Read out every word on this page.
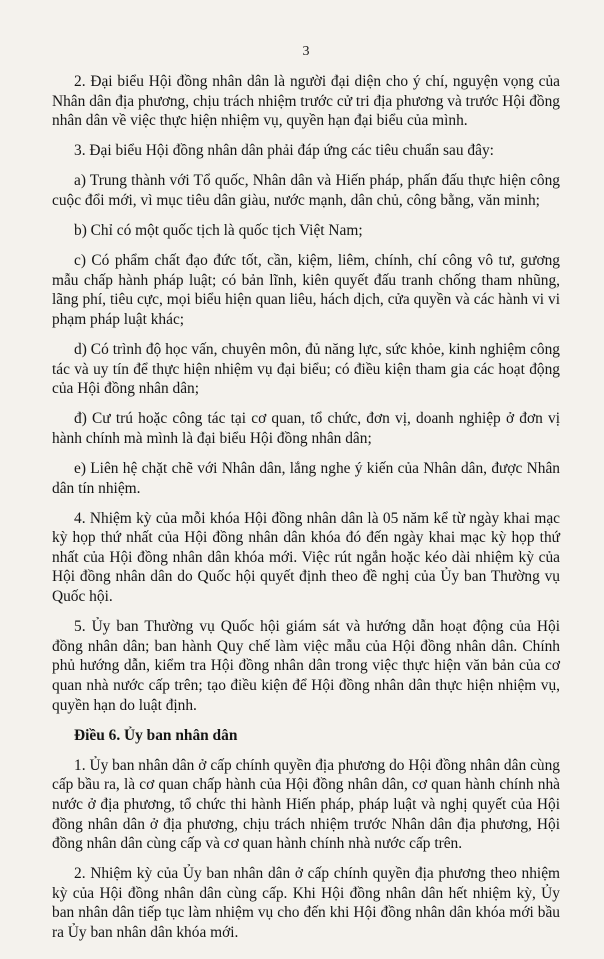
3

2. Đại biểu Hội đồng nhân dân là người đại diện cho ý chí, nguyện vọng của Nhân dân địa phương, chịu trách nhiệm trước cử tri địa phương và trước Hội đồng nhân dân về việc thực hiện nhiệm vụ, quyền hạn đại biểu của mình.

3. Đại biểu Hội đồng nhân dân phải đáp ứng các tiêu chuẩn sau đây:

a) Trung thành với Tổ quốc, Nhân dân và Hiến pháp, phấn đấu thực hiện công cuộc đổi mới, vì mục tiêu dân giàu, nước mạnh, dân chủ, công bằng, văn minh;

b) Chỉ có một quốc tịch là quốc tịch Việt Nam;

c) Có phẩm chất đạo đức tốt, cần, kiệm, liêm, chính, chí công vô tư, gương mẫu chấp hành pháp luật; có bản lĩnh, kiên quyết đấu tranh chống tham nhũng, lãng phí, tiêu cực, mọi biểu hiện quan liêu, hách dịch, cửa quyền và các hành vi vi phạm pháp luật khác;

d) Có trình độ học vấn, chuyên môn, đủ năng lực, sức khỏe, kinh nghiệm công tác và uy tín để thực hiện nhiệm vụ đại biểu; có điều kiện tham gia các hoạt động của Hội đồng nhân dân;

đ) Cư trú hoặc công tác tại cơ quan, tổ chức, đơn vị, doanh nghiệp ở đơn vị hành chính mà mình là đại biểu Hội đồng nhân dân;

e) Liên hệ chặt chẽ với Nhân dân, lắng nghe ý kiến của Nhân dân, được Nhân dân tín nhiệm.

4. Nhiệm kỳ của mỗi khóa Hội đồng nhân dân là 05 năm kể từ ngày khai mạc kỳ họp thứ nhất của Hội đồng nhân dân khóa đó đến ngày khai mạc kỳ họp thứ nhất của Hội đồng nhân dân khóa mới. Việc rút ngắn hoặc kéo dài nhiệm kỳ của Hội đồng nhân dân do Quốc hội quyết định theo đề nghị của Ủy ban Thường vụ Quốc hội.

5. Ủy ban Thường vụ Quốc hội giám sát và hướng dẫn hoạt động của Hội đồng nhân dân; ban hành Quy chế làm việc mẫu của Hội đồng nhân dân. Chính phủ hướng dẫn, kiểm tra Hội đồng nhân dân trong việc thực hiện văn bản của cơ quan nhà nước cấp trên; tạo điều kiện để Hội đồng nhân dân thực hiện nhiệm vụ, quyền hạn do luật định.

Điều 6. Ủy ban nhân dân

1. Ủy ban nhân dân ở cấp chính quyền địa phương do Hội đồng nhân dân cùng cấp bầu ra, là cơ quan chấp hành của Hội đồng nhân dân, cơ quan hành chính nhà nước ở địa phương, tổ chức thi hành Hiến pháp, pháp luật và nghị quyết của Hội đồng nhân dân ở địa phương, chịu trách nhiệm trước Nhân dân địa phương, Hội đồng nhân dân cùng cấp và cơ quan hành chính nhà nước cấp trên.

2. Nhiệm kỳ của Ủy ban nhân dân ở cấp chính quyền địa phương theo nhiệm kỳ của Hội đồng nhân dân cùng cấp. Khi Hội đồng nhân dân hết nhiệm kỳ, Ủy ban nhân dân tiếp tục làm nhiệm vụ cho đến khi Hội đồng nhân dân khóa mới bầu ra Ủy ban nhân dân khóa mới.
